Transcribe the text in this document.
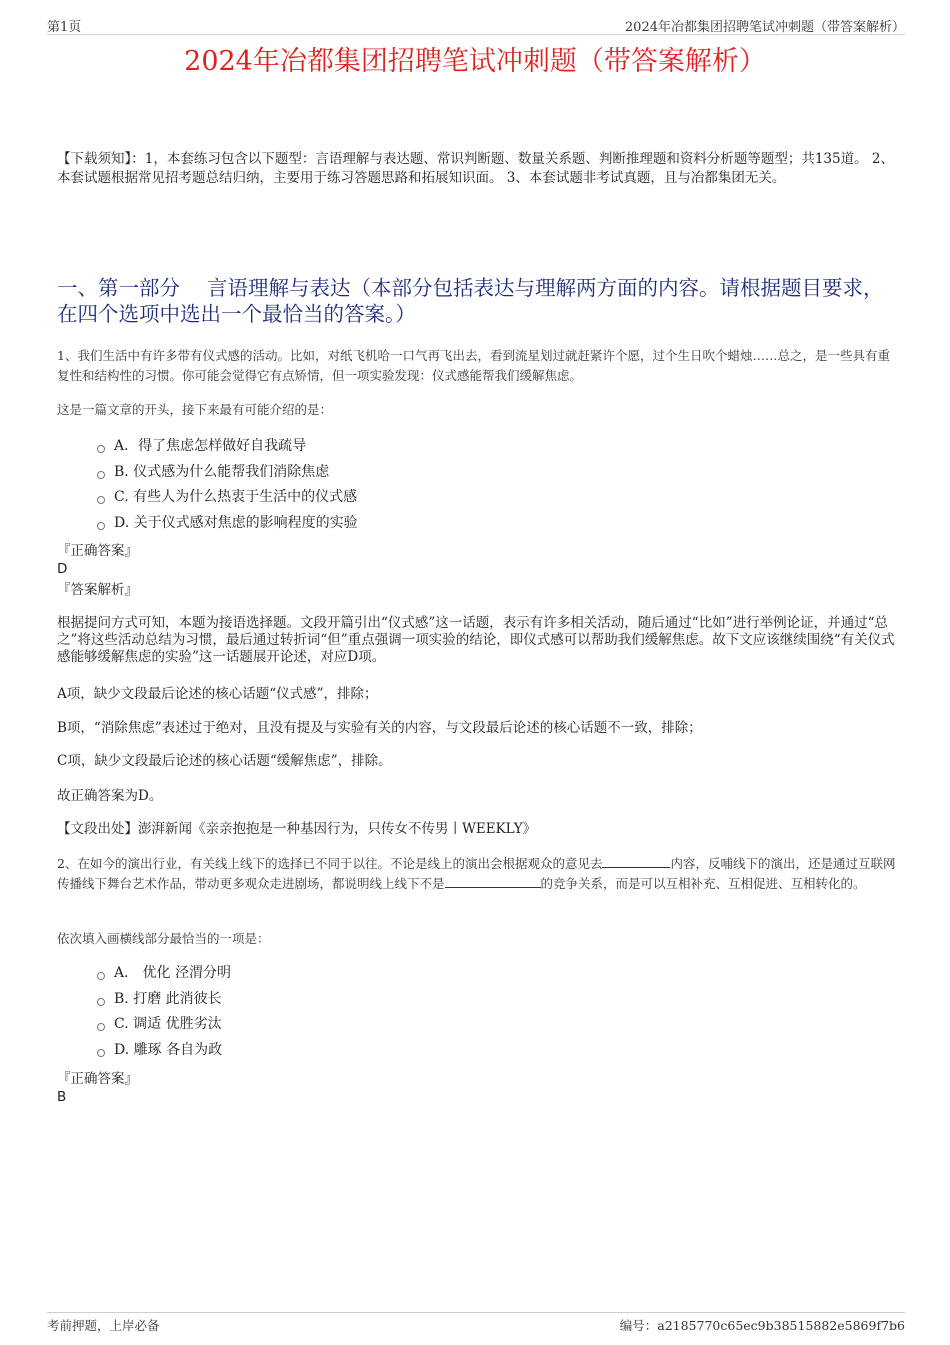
第1页	2024年冶都集团招聘笔试冲刺题（带答案解析）
2024年冶都集团招聘笔试冲刺题（带答案解析）
【下载须知】：1，本套练习包含以下题型：言语理解与表达题、常识判断题、数量关系题、判断推理题和资料分析题等题型；共135道。 2、本套试题根据常见招考题总结归纳，主要用于练习答题思路和拓展知识面。 3、本套试题非考试真题，且与冶都集团无关。
一、第一部分　 言语理解与表达（本部分包括表达与理解两方面的内容。请根据题目要求，在四个选项中选出一个最恰当的答案。）
1、我们生活中有许多带有仪式感的活动。比如，对纸飞机哈一口气再飞出去，看到流星划过就赶紧许个愿，过个生日吹个蜡烛……总之，是一些具有重复性和结构性的习惯。你可能会觉得它有点矫情，但一项实验发现：仪式感能帮我们缓解焦虑。
这是一篇文章的开头，接下来最有可能介绍的是：
A．得了焦虑怎样做好自我疏导
B. 仪式感为什么能帮我们消除焦虑
C. 有些人为什么热衷于生活中的仪式感
D. 关于仪式感对焦虑的影响程度的实验
『正确答案』
D
『答案解析』
根据提问方式可知，本题为接语选择题。文段开篇引出“仪式感”这一话题，表示有许多相关活动，随后通过“比如”进行举例论证，并通过“总之”将这些活动总结为习惯，最后通过转折词“但”重点强调一项实验的结论，即仪式感可以帮助我们缓解焦虑。故下文应该继续围绕“有关仪式感能够缓解焦虑的实验”这一话题展开论述，对应D项。
A项，缺少文段最后论述的核心话题“仪式感”，排除；
B项，“消除焦虑”表述过于绝对，且没有提及与实验有关的内容，与文段最后论述的核心话题不一致，排除；
C项，缺少文段最后论述的核心话题“缓解焦虑”，排除。
故正确答案为D。
【文段出处】澎湃新闻《亲亲抱抱是一种基因行为，只传女不传男丨WEEKLY》
2、在如今的演出行业，有关线上线下的选择已不同于以往。不论是线上的演出会根据观众的意见去	内容，反哺线下的演出，还是通过互联网传播线下舞台艺术作品，带动更多观众走进剧场，都说明线上线下不是	的竞争关系，而是可以互相补充、互相促进、互相转化的。
依次填入画横线部分最恰当的一项是：
A． 优化 泾渭分明
B. 打磨 此消彼长
C. 调适 优胜劣汰
D. 雕琢 各自为政
『正确答案』
B
考前押题，上岸必备	编号：a2185770c65ec9b38515882e5869f7b6
